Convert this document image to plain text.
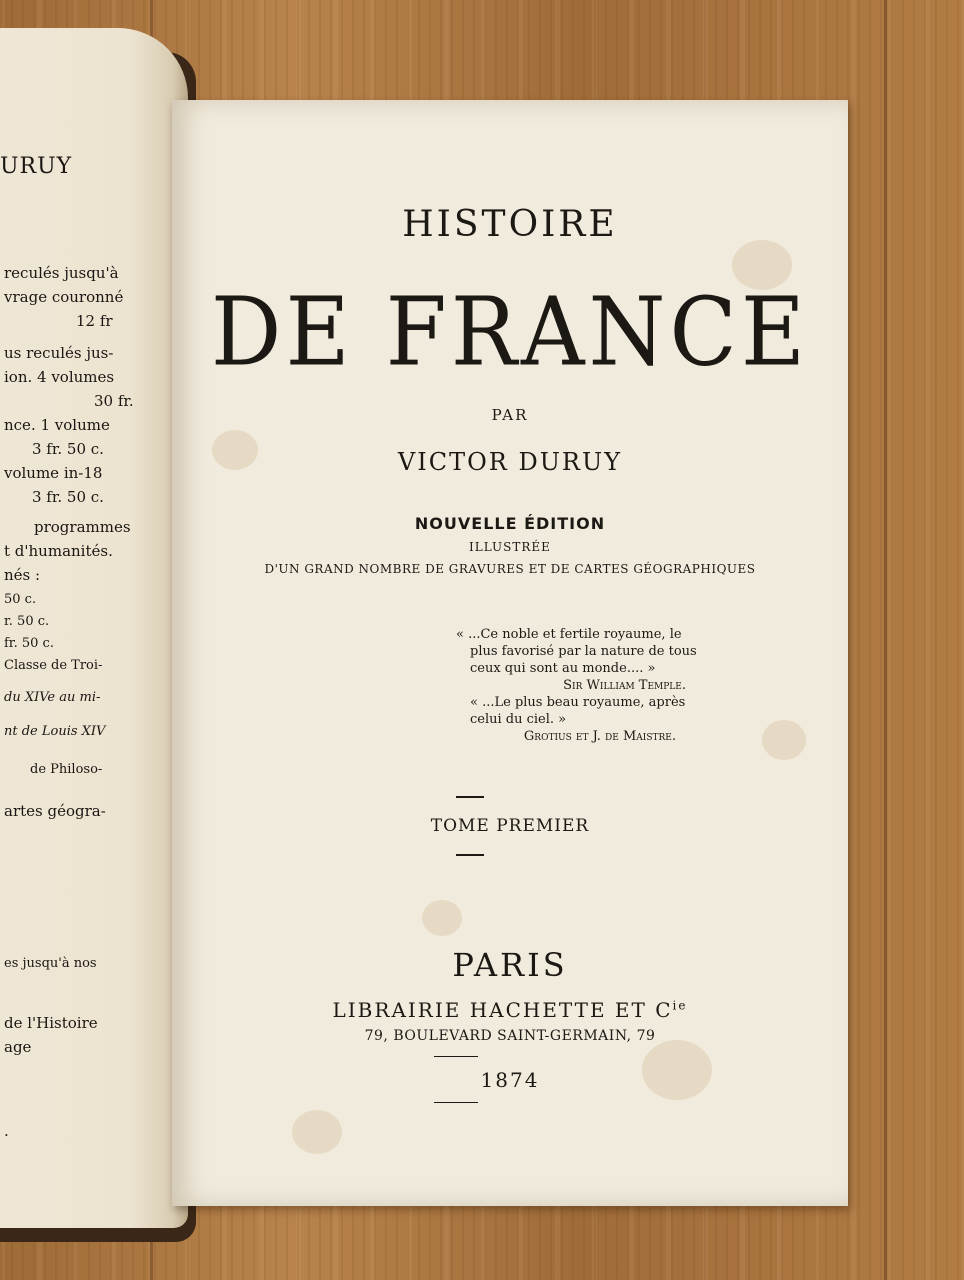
URUY
reculés jusqu'à
vrage couronné
12 fr
us reculés jus-
ion. 4 volumes
30 fr.
nce. 1 volume
3 fr. 50 c.
volume in-18
3 fr. 50 c.
programmes
t d'humanités.
nés :
50 c.
r. 50 c.
fr. 50 c.
Classe de Troi-
du XIVe au mi-
nt de Louis XIV
de Philoso-
artes géogra-
es jusqu'à nos
de l'Histoire
age
.
HISTOIRE
DE FRANCE
PAR
VICTOR DURUY
NOUVELLE ÉDITION
ILLUSTRÉE
D'UN GRAND NOMBRE DE GRAVURES ET DE CARTES GÉOGRAPHIQUES
« ...Ce noble et fertile royaume, le
plus favorisé par la nature de tous
ceux qui sont au monde.... »
Sir William Temple.
« ...Le plus beau royaume, après
celui du ciel. »
Grotius et J. de Maistre.
TOME PREMIER
PARIS
LIBRAIRIE HACHETTE ET $C^{ie}$
79, BOULEVARD SAINT-GERMAIN, 79
1874
